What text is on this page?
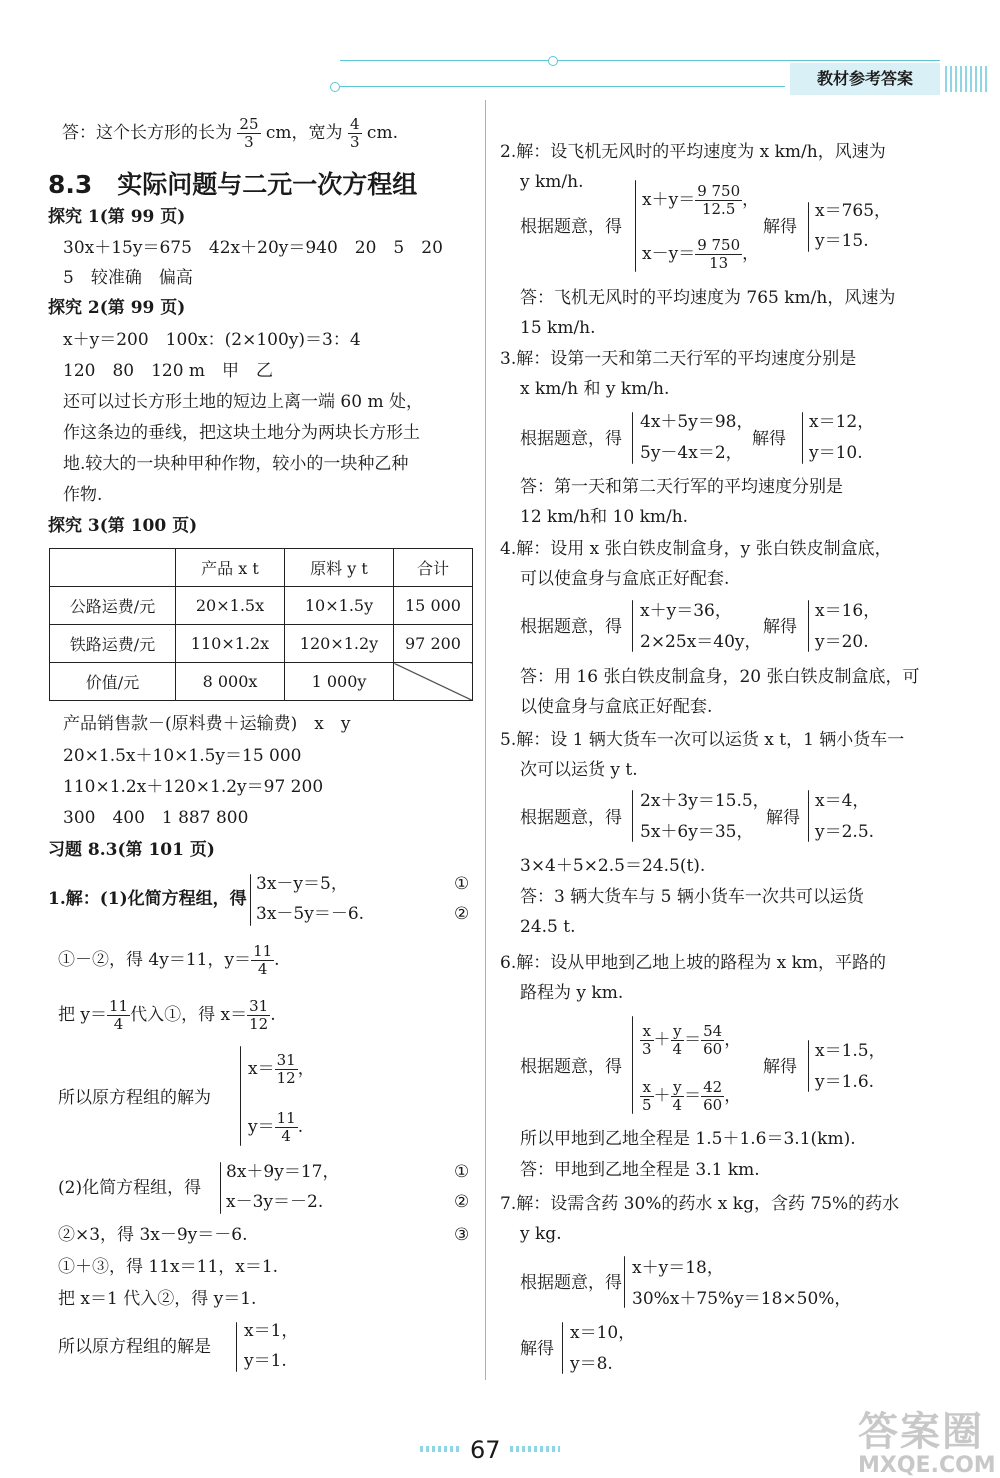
教材参考答案
答：这个长方形的长为 $\frac{25}{3}$ cm，宽为 $\frac{4}{3}$ cm.
8.3　实际问题与二元一次方程组
探究 1(第 99 页)
30x＋15y＝675　42x＋20y＝940　20　5　20
5　较准确　偏高
探究 2(第 99 页)
x＋y＝200　100x：(2×100y)＝3：4
120　80　120 m　甲　乙
还可以过长方形土地的短边上离一端 60 m 处，
作这条边的垂线，把这块土地分为两块长方形土
地.较大的一块种甲种作物，较小的一块种乙种
作物.
探究 3(第 100 页)
	产品 x t	原料 y t	合计
公路运费/元	20×1.5x	10×1.5y	15 000
铁路运费/元	110×1.2x	120×1.2y	97 200
价值/元	8 000x	1 000y	
产品销售款－(原料费＋运输费)　x　y
20×1.5x＋10×1.5y＝15 000
110×1.2x＋120×1.2y＝97 200
300　400　1 887 800
习题 8.3(第 101 页)
1.解：(1)化简方程组，得
3x－y＝5，
3x－5y＝－6.
①
②
①－②，得 4y＝11，$y= \frac{11}{4}$ .
把 $y= \frac{11}{4}$ 代入①，得 $x= \frac{31}{12}$ .
所以原方程组的解为
$x= \frac{31}{12}$ ，
$y= \frac{11}{4}$ .
(2)化简方程组，得
8x＋9y＝17，
x－3y＝－2.
①
②
②×3，得 3x－9y＝－6.	③
①＋③，得 11x＝11，x＝1.
把 x＝1 代入②，得 y＝1.
所以原方程组的解是
x＝1，
y＝1.
2.解：设飞机无风时的平均速度为 x km/h，风速为
y km/h.
根据题意，得
$x+y= \frac{9 750}{12.5}$ ，
$x-y= \frac{9 750}{13}$ ，
解得
x＝765，
y＝15.
答：飞机无风时的平均速度为 765 km/h，风速为
15 km/h.
3.解：设第一天和第二天行军的平均速度分别是
x km/h 和 y km/h.
根据题意，得
4x＋5y＝98，
5y－4x＝2，
解得
x＝12，
y＝10.
答：第一天和第二天行军的平均速度分别是
12 km/h和 10 km/h.
4.解：设用 x 张白铁皮制盒身，y 张白铁皮制盒底，
可以使盒身与盒底正好配套.
根据题意，得
x＋y＝36，
2×25x＝40y，
解得
x＝16，
y＝20.
答：用 16 张白铁皮制盒身，20 张白铁皮制盒底，可
以使盒身与盒底正好配套.
5.解：设 1 辆大货车一次可以运货 x t，1 辆小货车一
次可以运货 y t.
根据题意，得
2x＋3y＝15.5，
5x＋6y＝35，
解得
x＝4，
y＝2.5.
3×4＋5×2.5＝24.5(t).
答：3 辆大货车与 5 辆小货车一次共可以运货
24.5 t.
6.解：设从甲地到乙地上坡的路程为 x km，平路的
路程为 y km.
根据题意，得
$\frac{x}{3} + \frac{y}{4} = \frac{54}{60}$ ，
$\frac{x}{5} + \frac{y}{4} = \frac{42}{60}$ ，
解得
x＝1.5，
y＝1.6.
所以甲地到乙地全程是 1.5＋1.6＝3.1(km).
答：甲地到乙地全程是 3.1 km.
7.解：设需含药 30%的药水 x kg，含药 75%的药水
y kg.
根据题意，得
x＋y＝18，
30%x＋75%y＝18×50%，
解得
x＝10，
y＝8.
67	答案圈
MXQE.COM
